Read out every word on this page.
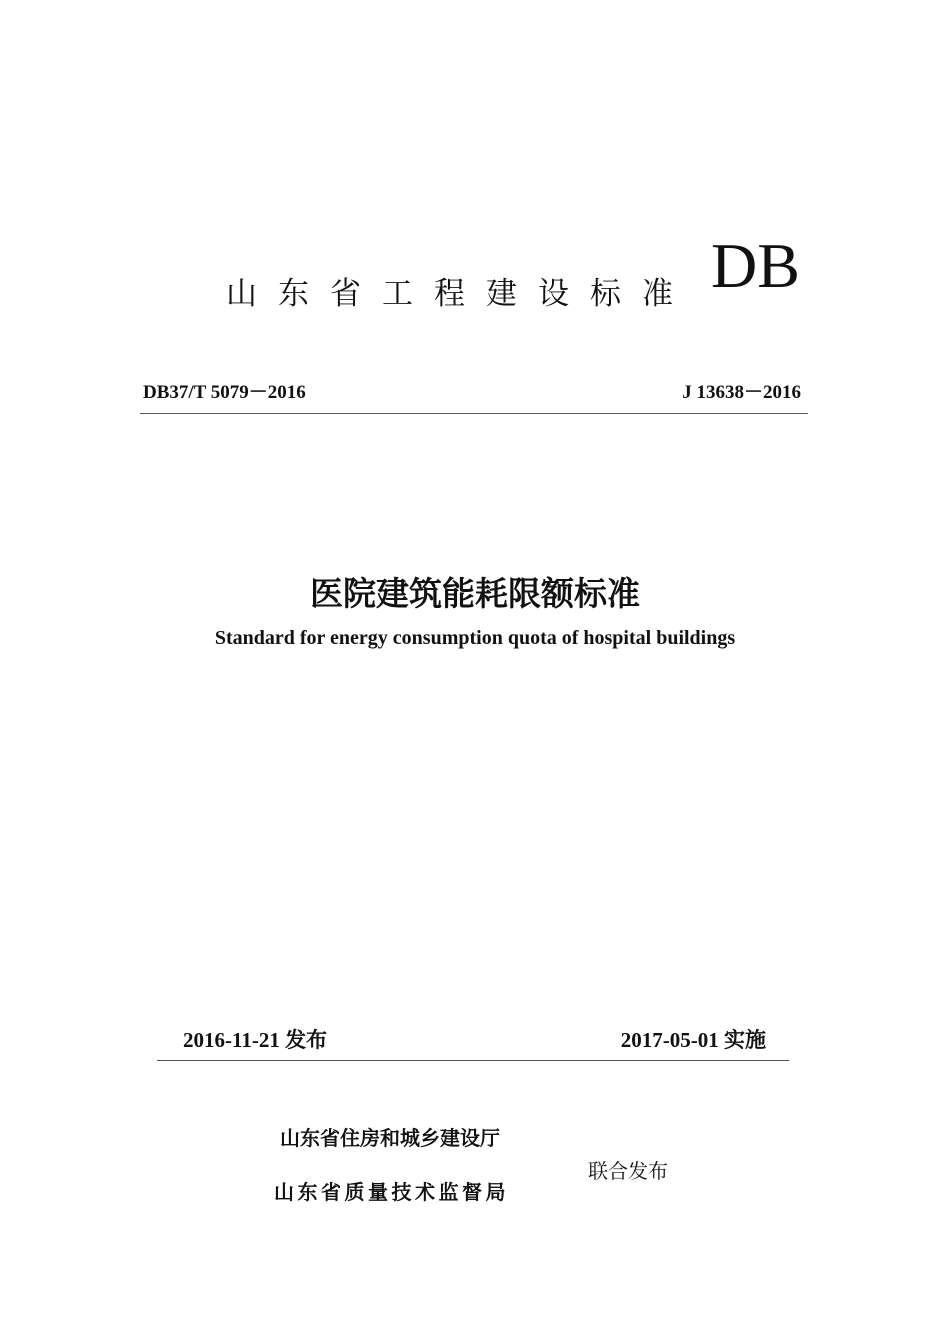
山东省工程建设标准 DB
DB37/T 5079－2016	J 13638－2016
医院建筑能耗限额标准
Standard for energy consumption quota of hospital buildings
2016-11-21 发布	2017-05-01 实施
山东省住房和城乡建设厅
山东省质量技术监督局
联合发布
